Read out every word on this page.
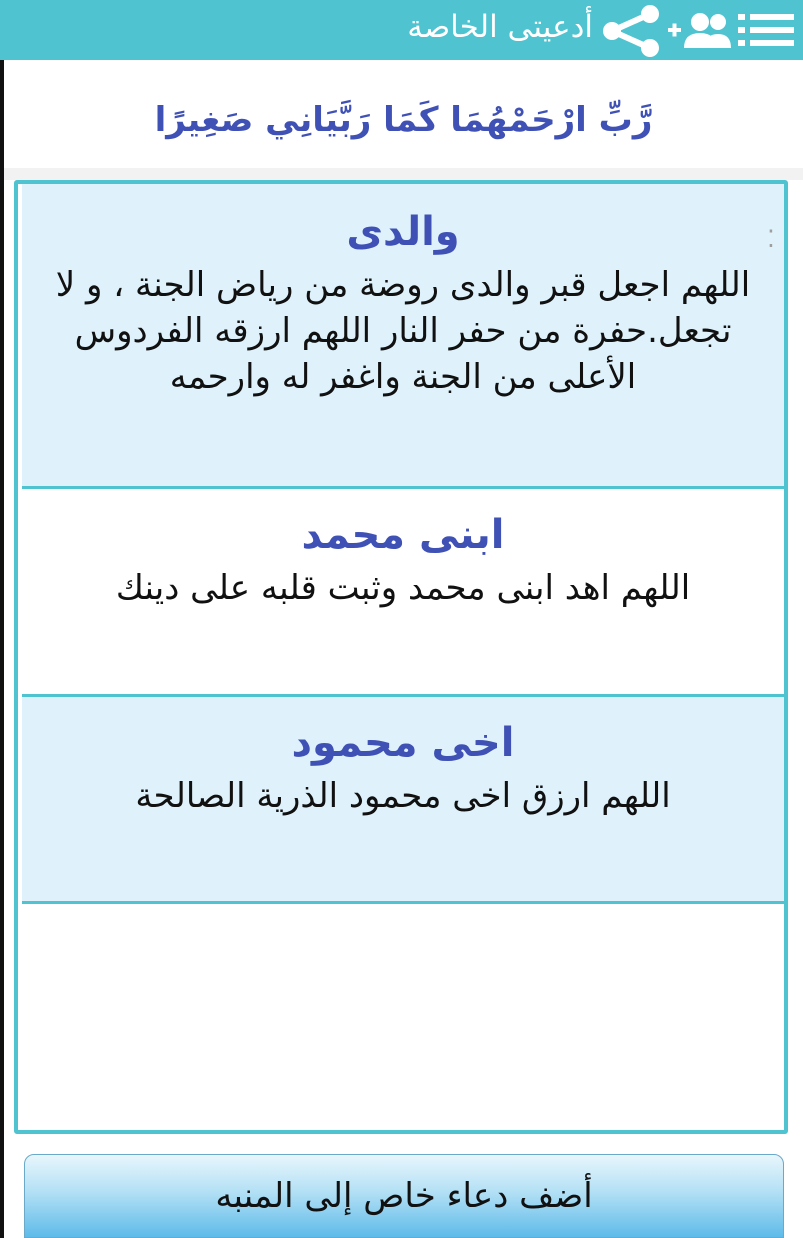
أدعيتى الخاصة
رَّبِّ ارْحَمْهُمَا كَمَا رَبَّيَانِي صَغِيرًا
والدى
اللهم اجعل قبر والدى روضة من رياض الجنة ، و لا تجعل.حفرة من حفر النار اللهم ارزقه الفردوس الأعلى من الجنة واغفر له وارحمه
⁚
ابنى محمد
اللهم اهد ابنى محمد وثبت قلبه على دينك
اخى محمود
اللهم ارزق اخى محمود الذرية الصالحة
أضف دعاء خاص إلى المنبه
